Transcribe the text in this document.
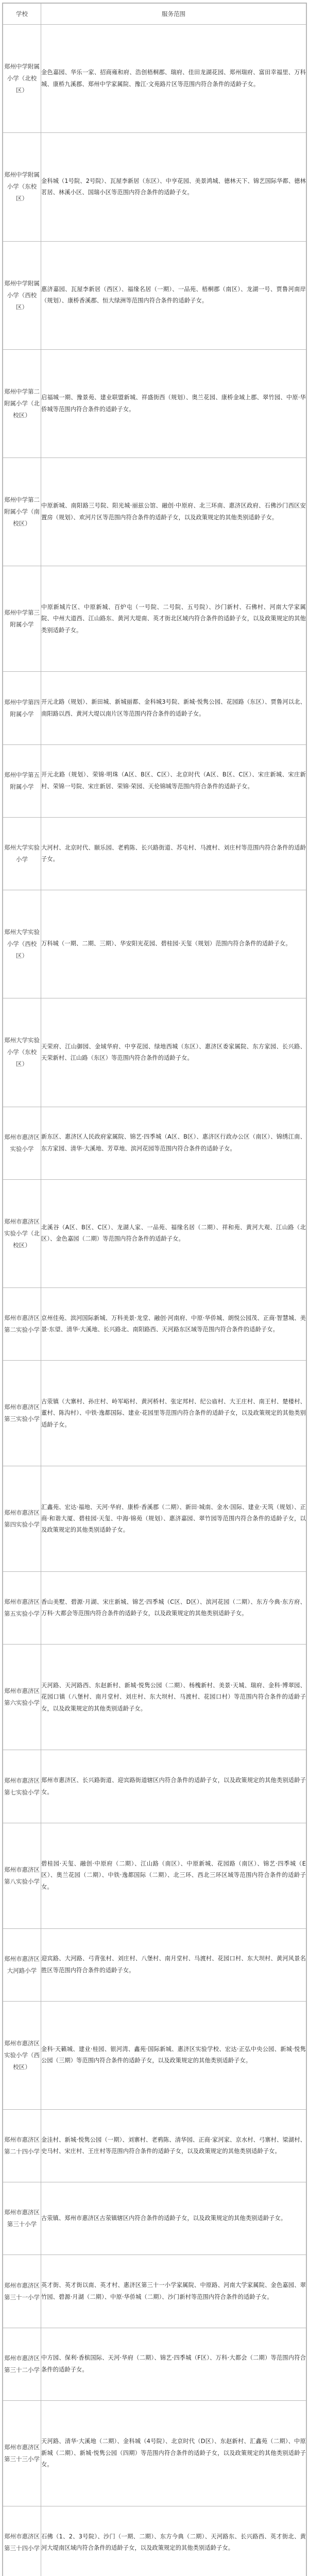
学校	服务范围
郑州中学附属小学（北校区）	金色嘉园、华乐一家、招商雍和府、浩创梧桐郡、瑞府、佳田龙湖花园、郑州瑞府、富田幸福里、万科城、康桥九溪郡、郑州中学家属院、豫江·文苑路片区等范围内符合条件的适龄子女。
郑州中学附属小学（东校区）	金科城（1号院、2号院）、瓦屋李新居（东区）、中亨花园、美景鸿城、德林天下、锦艺国际华都、德林茗居、林溪小区、国瑞小区等范围内符合条件的适龄子女。
郑州中学附属小学（西校区）	惠济嘉园、瓦屋李新居（西区）、福缘名居（一期）、一品苑、梧桐郡（南区）、龙湖一号、贾鲁河南岸（规划）、康桥香溪郡、恒大绿洲等范围内符合条件的适龄子女。
郑州中学第二附属小学（北校区）	启福城一期、豫景苑、建业联盟新城、祥盛街西（规划）、奥兰花园、康桥金域上郡、翠竹园、中原·华侨城等范围内符合条件的适龄子女。
郑州中学第二附属小学（南校区）	中原新城、南阳路三号院、阳光城·丽兹公馆、融创·中原府、北三环南、惠济区政府、石佛沙门西区安置房（规划）、欢河片区等范围内符合条件的适龄子女，以及政策规定的其他类别适龄子女。
郑州中学第三附属小学	中原新城片区、中原新城、百炉屯（一号院、二号院、五号院）、沙门新村、石佛村、河南大学家属院、中州大道西、江山路东、黄河大堤南、英才街北区域内符合条件的适龄子女，以及政策规定的其他类别适龄子女。
郑州中学第四附属小学	开元北路（规划）、新田城、新城丽都、金科城3号院、新城·悦隽公园、花园路（东区）、贾鲁河以北、南阳路以西、黄河大堤以南片区等范围内符合条件的适龄子女。
郑州中学第五附属小学	开元北路（规划）、荣锦·明珠（A区、B区、C区）、北京时代（A区、B区、C区）、宋庄新城、宋庄新村、荣锦一号院、宋庄新居、荣锦·荣园、天伦锦城等范围内符合条件的适龄子女。
郑州大学实验小学	大河村、北京时代、颐乐园、老鸦陈、长兴路街道、苏屯村、马渡村、刘庄村等范围内符合条件的适龄子女。
郑州大学实验小学（西校区）	万科城（一期、二期、三期）、华安阳光花园、碧桂园·天玺（规划）范围内符合条件的适龄子女。
郑州大学实验小学（东校区）	天荣府、江山御园、金域华府、中亨花园、绿地西城（东区）、惠济区委家属院、东方家园、长兴路、天荣新村、江山路（东区）等范围内符合条件的适龄子女。
郑州市惠济区实验小学	新东区、惠济区人民政府家属院、锦艺·四季城（A区、B区）、惠济区行政办公区（南区）、锦绣江南、东方家园、清华·大溪地、芳草地、滨河花园等范围内符合条件的适龄子女。
郑州市惠济区实验小学（北校区）	北溪谷（A区、B区、C区）、龙湖人家、一品苑、福缘名居（二期）、祥和苑、黄河大观、江山路（北区）、金色嘉园（二期）等范围内符合条件的适龄子女。
郑州市惠济区第二实验小学	京州佳苑、滨河国际新城、万科美景·龙堂、融创·河南府、中原·华侨城、朗悦公园茂、正商·智慧城、美景·东望、清华·大溪地、长兴路北、南阳路西、天河路东区域等范围内符合条件的适龄子女。
郑州市惠济区第三实验小学	古荥镇（大寨村、孙庄村、岭军峪村、黄河桥村、张定邦村、纪公庙村、大王庄村、南王村、楚楼村、董村、陈沟村）、中铁·逸都国际、建业·花园里等范围内符合条件的适龄子女，以及政策规定的其他类别适龄子女。
郑州市惠济区第四实验小学	汇鑫苑、宏达·福地、天河·华府、康桥·香溪郡（二期）、新田·城南、金水·国际、建业·天筑（规划）、正商·和谐大厦、碧桂园·天玺、中海·锦苑（规划）、惠济嘉园、翠竹园等范围内符合条件的适龄子女，以及政策规定的其他类别适龄子女。
郑州市惠济区第五实验小学	香山美墅、碧源·月湖、宋庄新城、锦艺·四季城（C区、D区）、滨河花园（二期）、东方今典·东方府、万科·大都会等范围内符合条件的适龄子女，以及政策规定的其他类别适龄子女。
郑州市惠济区第六实验小学	天河路、天河路西、东赵新村、新城·悦隽公园（二期）、杨槐新村、美景·天城、瑞府、金科·博翠园、花园口镇（八堡村、南月堂村、刘庄村、东大坝村、马渡村、花园口村）等范围内符合条件的适龄子女，以及政策规定的其他类别适龄子女。
郑州市惠济区第七实验小学	郑州市惠济区、长兴路街道、迎宾路街道辖区内符合条件的适龄子女，以及政策规定的其他类别适龄子女。
郑州市惠济区第八实验小学	碧桂园·天玺、融创·中原府（二期）、江山路（南区）、中原新城、花园路（南区）、锦艺·四季城（E区）、奥兰花园（二期）、中铁·逸都国际（二期）、北三环、西北三环区域等范围内符合条件的适龄子女。
郑州市惠济区大河路小学	迎宾路、大河路、弓背张村、刘庄村、八堡村、南月堂村、马渡村、花园口村、东大坝村、黄河风景名胜区等范围内符合条件的适龄子女。
郑州市惠济区实验小学（西校区）	金科·天籁城、建业·桂园、银河湾、鑫苑·国际新城、惠济区实验学校、宏达·正弘中央公园、新城·悦隽公园（三期）等范围内符合条件的适龄子女，以及政策规定的其他类别适龄子女。
郑州市惠济区第二十四小学	金洼村、新城·悦隽公园（一期）、刘寨村、老鸦陈、清华园、正商·家河家、京水村、弓寨村、梁湖村、史马村、宋庄村、王庄村等范围内符合条件的适龄子女，以及政策规定的其他类别适龄子女。
郑州市惠济区第三十小学	古荥镇、郑州市惠济区古荥镇辖区内符合条件的适龄子女，以及政策规定的其他类别适龄子女。
郑州市惠济区第三十一小学	英才街、英才街以南、英才村、惠济区第三十一小学家属院、中原路、河南大学家属院、金色嘉园、翠竹园、碧源·月湖（二期）、中原·华侨城（二期）、沙门新村等范围内符合条件的适龄子女。
郑州市惠济区第三十二小学	中方园、保利·香槟国际、天河·华府（二期）、锦艺·四季城（F区）、万科·大都会（二期）等范围内符合条件的适龄子女。
郑州市惠济区第三十三小学	天河路、清华·大溪地（二期）、金科城（4号院）、北京时代（D区）、东赵新村、汇鑫苑（二期）、中原新城（二期）、新城·悦隽公园（四期）等范围内符合条件的适龄子女，以及政策规定的其他类别适龄子女。
郑州市惠济区第三十四小学	石佛（1、2、3号院）、沙门（一期、二期）、东方今典（二期）、天河路东、长兴路西、英才街北、黄河大堤南区域内符合条件的适龄子女，以及政策规定的其他类别适龄子女。
